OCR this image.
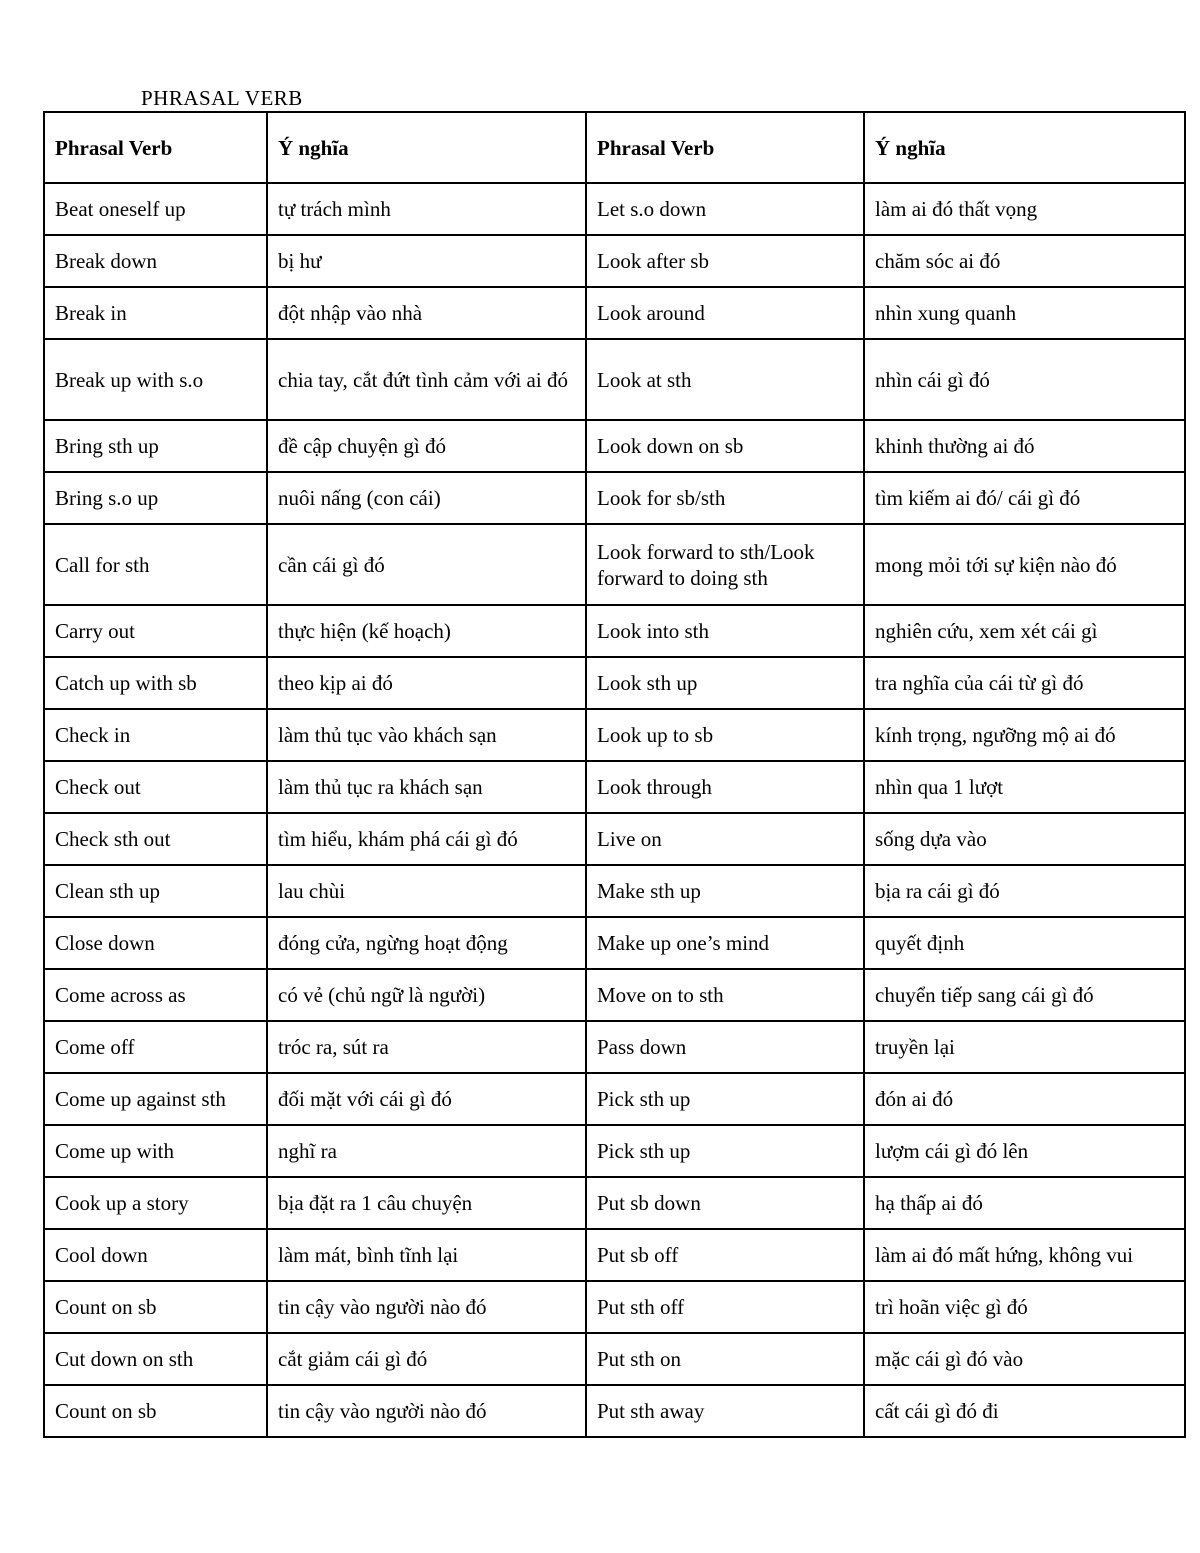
PHRASAL VERB
Phrasal Verb	Ý nghĩa	Phrasal Verb	Ý nghĩa
Beat oneself up	tự trách mình	Let s.o down	làm ai đó thất vọng
Break down	bị hư	Look after sb	chăm sóc ai đó
Break in	đột nhập vào nhà	Look around	nhìn xung quanh
Break up with s.o	chia tay, cắt đứt tình cảm với ai đó	Look at sth	nhìn cái gì đó
Bring sth up	đề cập chuyện gì đó	Look down on sb	khinh thường ai đó
Bring s.o up	nuôi nấng (con cái)	Look for sb/sth	tìm kiếm ai đó/ cái gì đó
Call for sth	cần cái gì đó	Look forward to sth/Look forward to doing sth	mong mỏi tới sự kiện nào đó
Carry out	thực hiện (kế hoạch)	Look into sth	nghiên cứu, xem xét cái gì
Catch up with sb	theo kịp ai đó	Look sth up	tra nghĩa của cái từ gì đó
Check in	làm thủ tục vào khách sạn	Look up to sb	kính trọng, ngưỡng mộ ai đó
Check out	làm thủ tục ra khách sạn	Look through	nhìn qua 1 lượt
Check sth out	tìm hiểu, khám phá cái gì đó	Live on	sống dựa vào
Clean sth up	lau chùi	Make sth up	bịa ra cái gì đó
Close down	đóng cửa, ngừng hoạt động	Make up one’s mind	quyết định
Come across as	có vẻ (chủ ngữ là người)	Move on to sth	chuyển tiếp sang cái gì đó
Come off	tróc ra, sút ra	Pass down	truyền lại
Come up against sth	đối mặt với cái gì đó	Pick sth up	đón ai đó
Come up with	nghĩ ra	Pick sth up	lượm cái gì đó lên
Cook up a story	bịa đặt ra 1 câu chuyện	Put sb down	hạ thấp ai đó
Cool down	làm mát, bình tĩnh lại	Put sb off	làm ai đó mất hứng, không vui
Count on sb	tin cậy vào người nào đó	Put sth off	trì hoãn việc gì đó
Cut down on sth	cắt giảm cái gì đó	Put sth on	mặc cái gì đó vào
Count on sb	tin cậy vào người nào đó	Put sth away	cất cái gì đó đi
